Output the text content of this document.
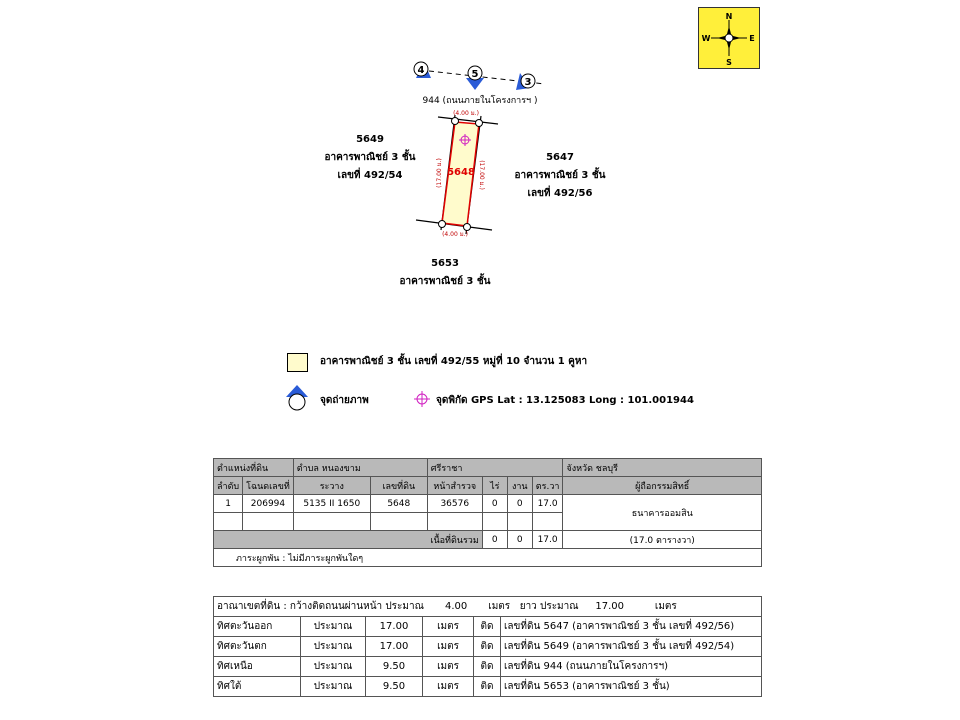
N
S
E
W
4	5
3
944 (ถนนภายในโครงการฯ )
5648
(4.00 ม.)
(4.00 ม.)
(17.00 ม.)	(17.00 ม.)
5649
อาคารพาณิชย์ 3 ชั้น
เลขที่ 492/54
5647
อาคารพาณิชย์ 3 ชั้น
เลขที่ 492/56
5653
อาคารพาณิชย์ 3 ชั้น
อาคารพาณิชย์ 3 ชั้น เลขที่ 492/55 หมู่ที่ 10 จำนวน 1 คูหา
จุดถ่ายภาพ	จุดพิกัด GPS Lat : 13.125083 Long : 101.001944
ตำแหน่งที่ดิน		ตำบล หนองขาม		ศรีราชา				จังหวัด ชลบุรี
ลำดับ	โฉนดเลขที่	ระวาง	เลขที่ดิน	หน้าสำรวจ	ไร่	งาน	ตร.วา	ผู้ถือกรรมสิทธิ์
1	206994	5135 II 1650	5648	36576	0	0	17.0	ธนาคารออมสิน

เนื้อที่ดินรวม					0	0	17.0	(17.0 ตารางวา)
ภาระผูกพัน : ไม่มีภาระผูกพันใดๆ								
อาณาเขตที่ดิน : กว้างติดถนนผ่านหน้า ประมาณ 4.00 เมตร ยาว ประมาณ 17.00 เมตร					
ทิศตะวันออก	ประมาณ	17.00	เมตร	ติด	เลขที่ดิน 5647 (อาคารพาณิชย์ 3 ชั้น เลขที่ 492/56)
ทิศตะวันตก	ประมาณ	17.00	เมตร	ติด	เลขที่ดิน 5649 (อาคารพาณิชย์ 3 ชั้น เลขที่ 492/54)
ทิศเหนือ	ประมาณ	9.50	เมตร	ติด	เลขที่ดิน 944 (ถนนภายในโครงการฯ)
ทิศใต้	ประมาณ	9.50	เมตร	ติด	เลขที่ดิน 5653 (อาคารพาณิชย์ 3 ชั้น)
